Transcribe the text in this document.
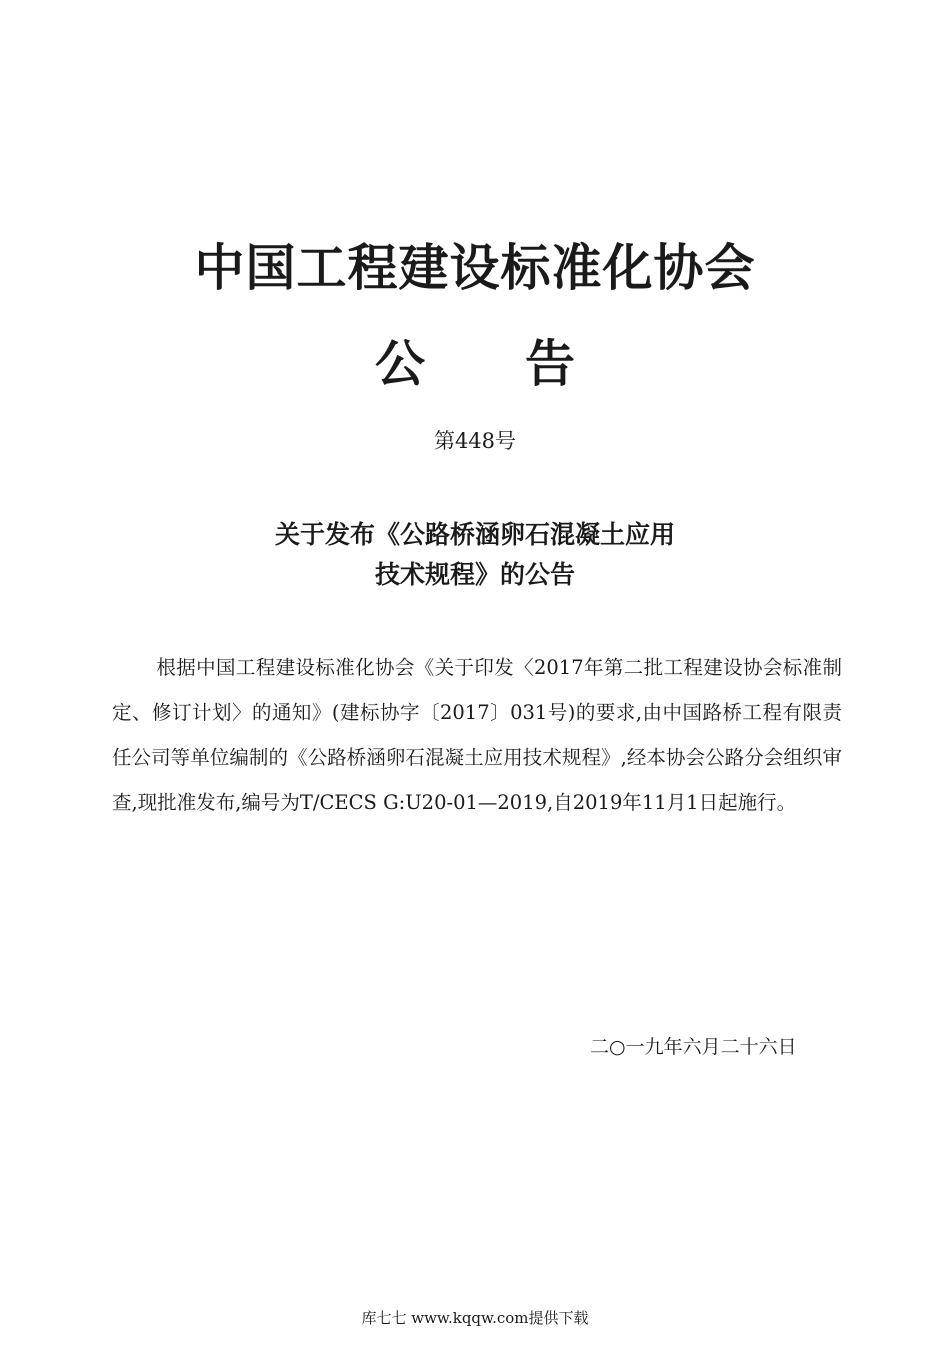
中国工程建设标准化协会
公 告
第448号
关于发布《公路桥涵卵石混凝土应用
技术规程》的公告
根据中国工程建设标准化协会《关于印发〈2017年第二批工程建设协会标准制定、修订计划〉的通知》(建标协字〔2017〕031号)的要求,由中国路桥工程有限责任公司等单位编制的《公路桥涵卵石混凝土应用技术规程》,经本协会公路分会组织审查,现批准发布,编号为T/CECS G:U20-01—2019,自2019年11月1日起施行。
二○一九年六月二十六日
库七七 www.kqqw.com提供下载
